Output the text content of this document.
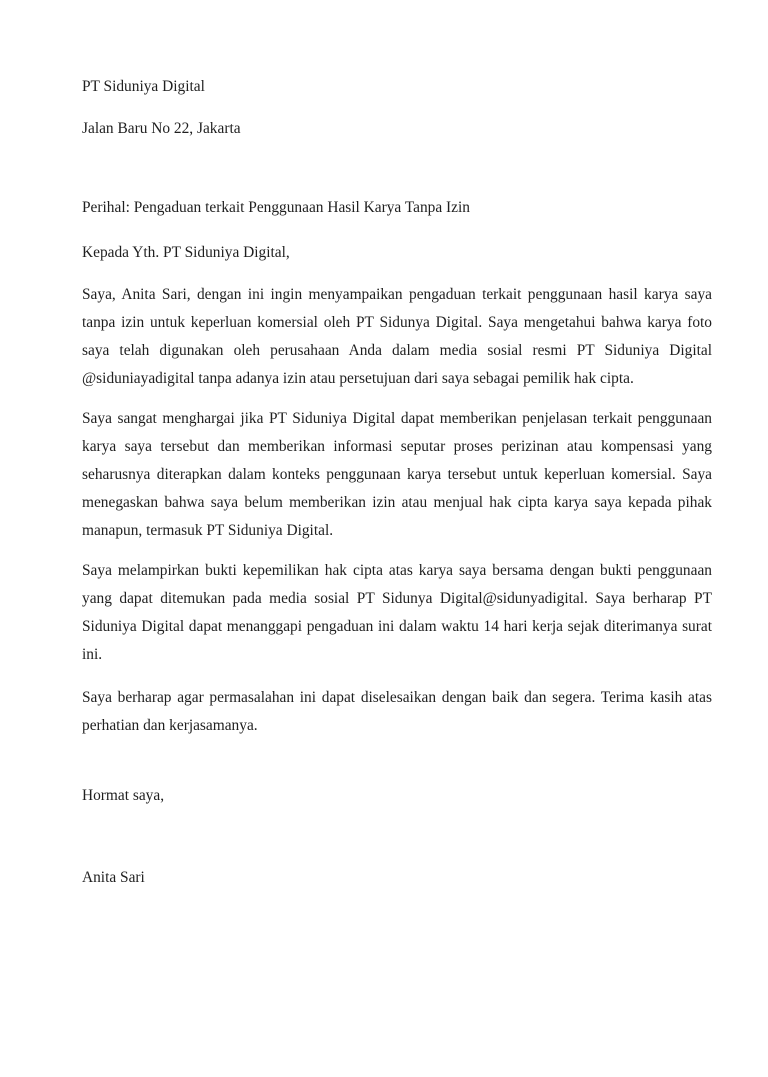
PT Siduniya Digital
Jalan Baru No 22, Jakarta
Perihal: Pengaduan terkait Penggunaan Hasil Karya Tanpa Izin
Kepada Yth. PT Siduniya Digital,
Saya, Anita Sari, dengan ini ingin menyampaikan pengaduan terkait penggunaan hasil karya saya
tanpa izin untuk keperluan komersial oleh PT Sidunya Digital. Saya mengetahui bahwa karya foto
saya telah digunakan oleh perusahaan Anda dalam media sosial resmi PT Siduniya Digital
@siduniayadigital tanpa adanya izin atau persetujuan dari saya sebagai pemilik hak cipta.
Saya sangat menghargai jika PT Siduniya Digital dapat memberikan penjelasan terkait penggunaan
karya saya tersebut dan memberikan informasi seputar proses perizinan atau kompensasi yang
seharusnya diterapkan dalam konteks penggunaan karya tersebut untuk keperluan komersial. Saya
menegaskan bahwa saya belum memberikan izin atau menjual hak cipta karya saya kepada pihak
manapun, termasuk PT Siduniya Digital.
Saya melampirkan bukti kepemilikan hak cipta atas karya saya bersama dengan bukti penggunaan
yang dapat ditemukan pada media sosial PT Sidunya Digital@sidunyadigital. Saya berharap PT
Siduniya Digital dapat menanggapi pengaduan ini dalam waktu 14 hari kerja sejak diterimanya surat
ini.
Saya berharap agar permasalahan ini dapat diselesaikan dengan baik dan segera. Terima kasih atas
perhatian dan kerjasamanya.
Hormat saya,
Anita Sari
